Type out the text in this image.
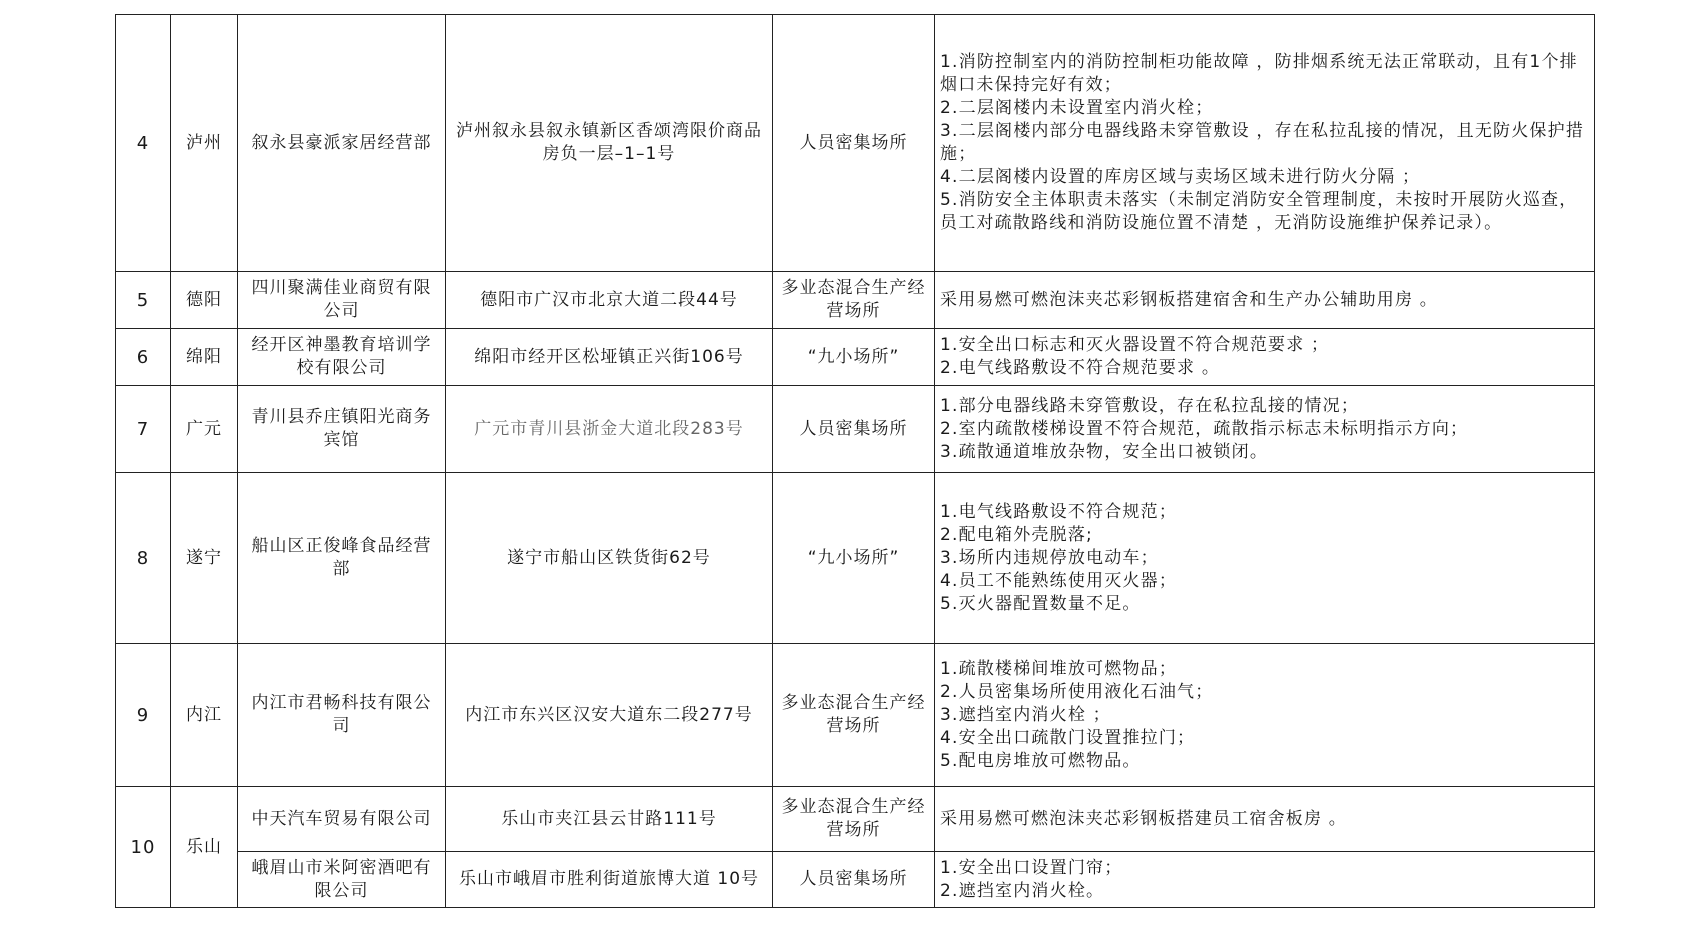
4	泸州	叙永县豪派家居经营部	泸州叙永县叙永镇新区香颂湾限价商品房负一层–1–1号	人员密集场所	1.消防控制室内的消防控制柜功能故障 ，防排烟系统无法正常联动，且有1个排烟口未保持完好有效；
2.二层阁楼内未设置室内消火栓；
3.二层阁楼内部分电器线路未穿管敷设 ，存在私拉乱接的情况，且无防火保护措施；
4.二层阁楼内设置的库房区域与卖场区域未进行防火分隔 ；
5.消防安全主体职责未落实（未制定消防安全管理制度，未按时开展防火巡查，员工对疏散路线和消防设施位置不清楚 ，无消防设施维护保养记录）。
5	德阳	四川聚满佳业商贸有限公司	德阳市广汉市北京大道二段44号	多业态混合生产经营场所	采用易燃可燃泡沫夹芯彩钢板搭建宿舍和生产办公辅助用房 。
6	绵阳	经开区神墨教育培训学校有限公司	绵阳市经开区松垭镇正兴街106号	“九小场所”	1.安全出口标志和灭火器设置不符合规范要求 ；
2.电气线路敷设不符合规范要求 。
7	广元	青川县乔庄镇阳光商务宾馆	广元市青川县浙金大道北段283号	人员密集场所	1.部分电器线路未穿管敷设，存在私拉乱接的情况；
2.室内疏散楼梯设置不符合规范，疏散指示标志未标明指示方向；
3.疏散通道堆放杂物，安全出口被锁闭。
8	遂宁	船山区正俊峰食品经营部	遂宁市船山区铁货街62号	“九小场所”	1.电气线路敷设不符合规范；
2.配电箱外壳脱落;
3.场所内违规停放电动车；
4.员工不能熟练使用灭火器；
5.灭火器配置数量不足。
9	内江	内江市君畅科技有限公司	内江市东兴区汉安大道东二段277号	多业态混合生产经营场所	1.疏散楼梯间堆放可燃物品；
2.人员密集场所使用液化石油气；
3.遮挡室内消火栓 ；
4.安全出口疏散门设置推拉门；
5.配电房堆放可燃物品。
10	乐山	中天汽车贸易有限公司	乐山市夹江县云甘路111号	多业态混合生产经营场所	采用易燃可燃泡沫夹芯彩钢板搭建员工宿舍板房 。
		峨眉山市米阿密酒吧有限公司	乐山市峨眉市胜利街道旅博大道 10号	人员密集场所	1.安全出口设置门帘；
2.遮挡室内消火栓。
